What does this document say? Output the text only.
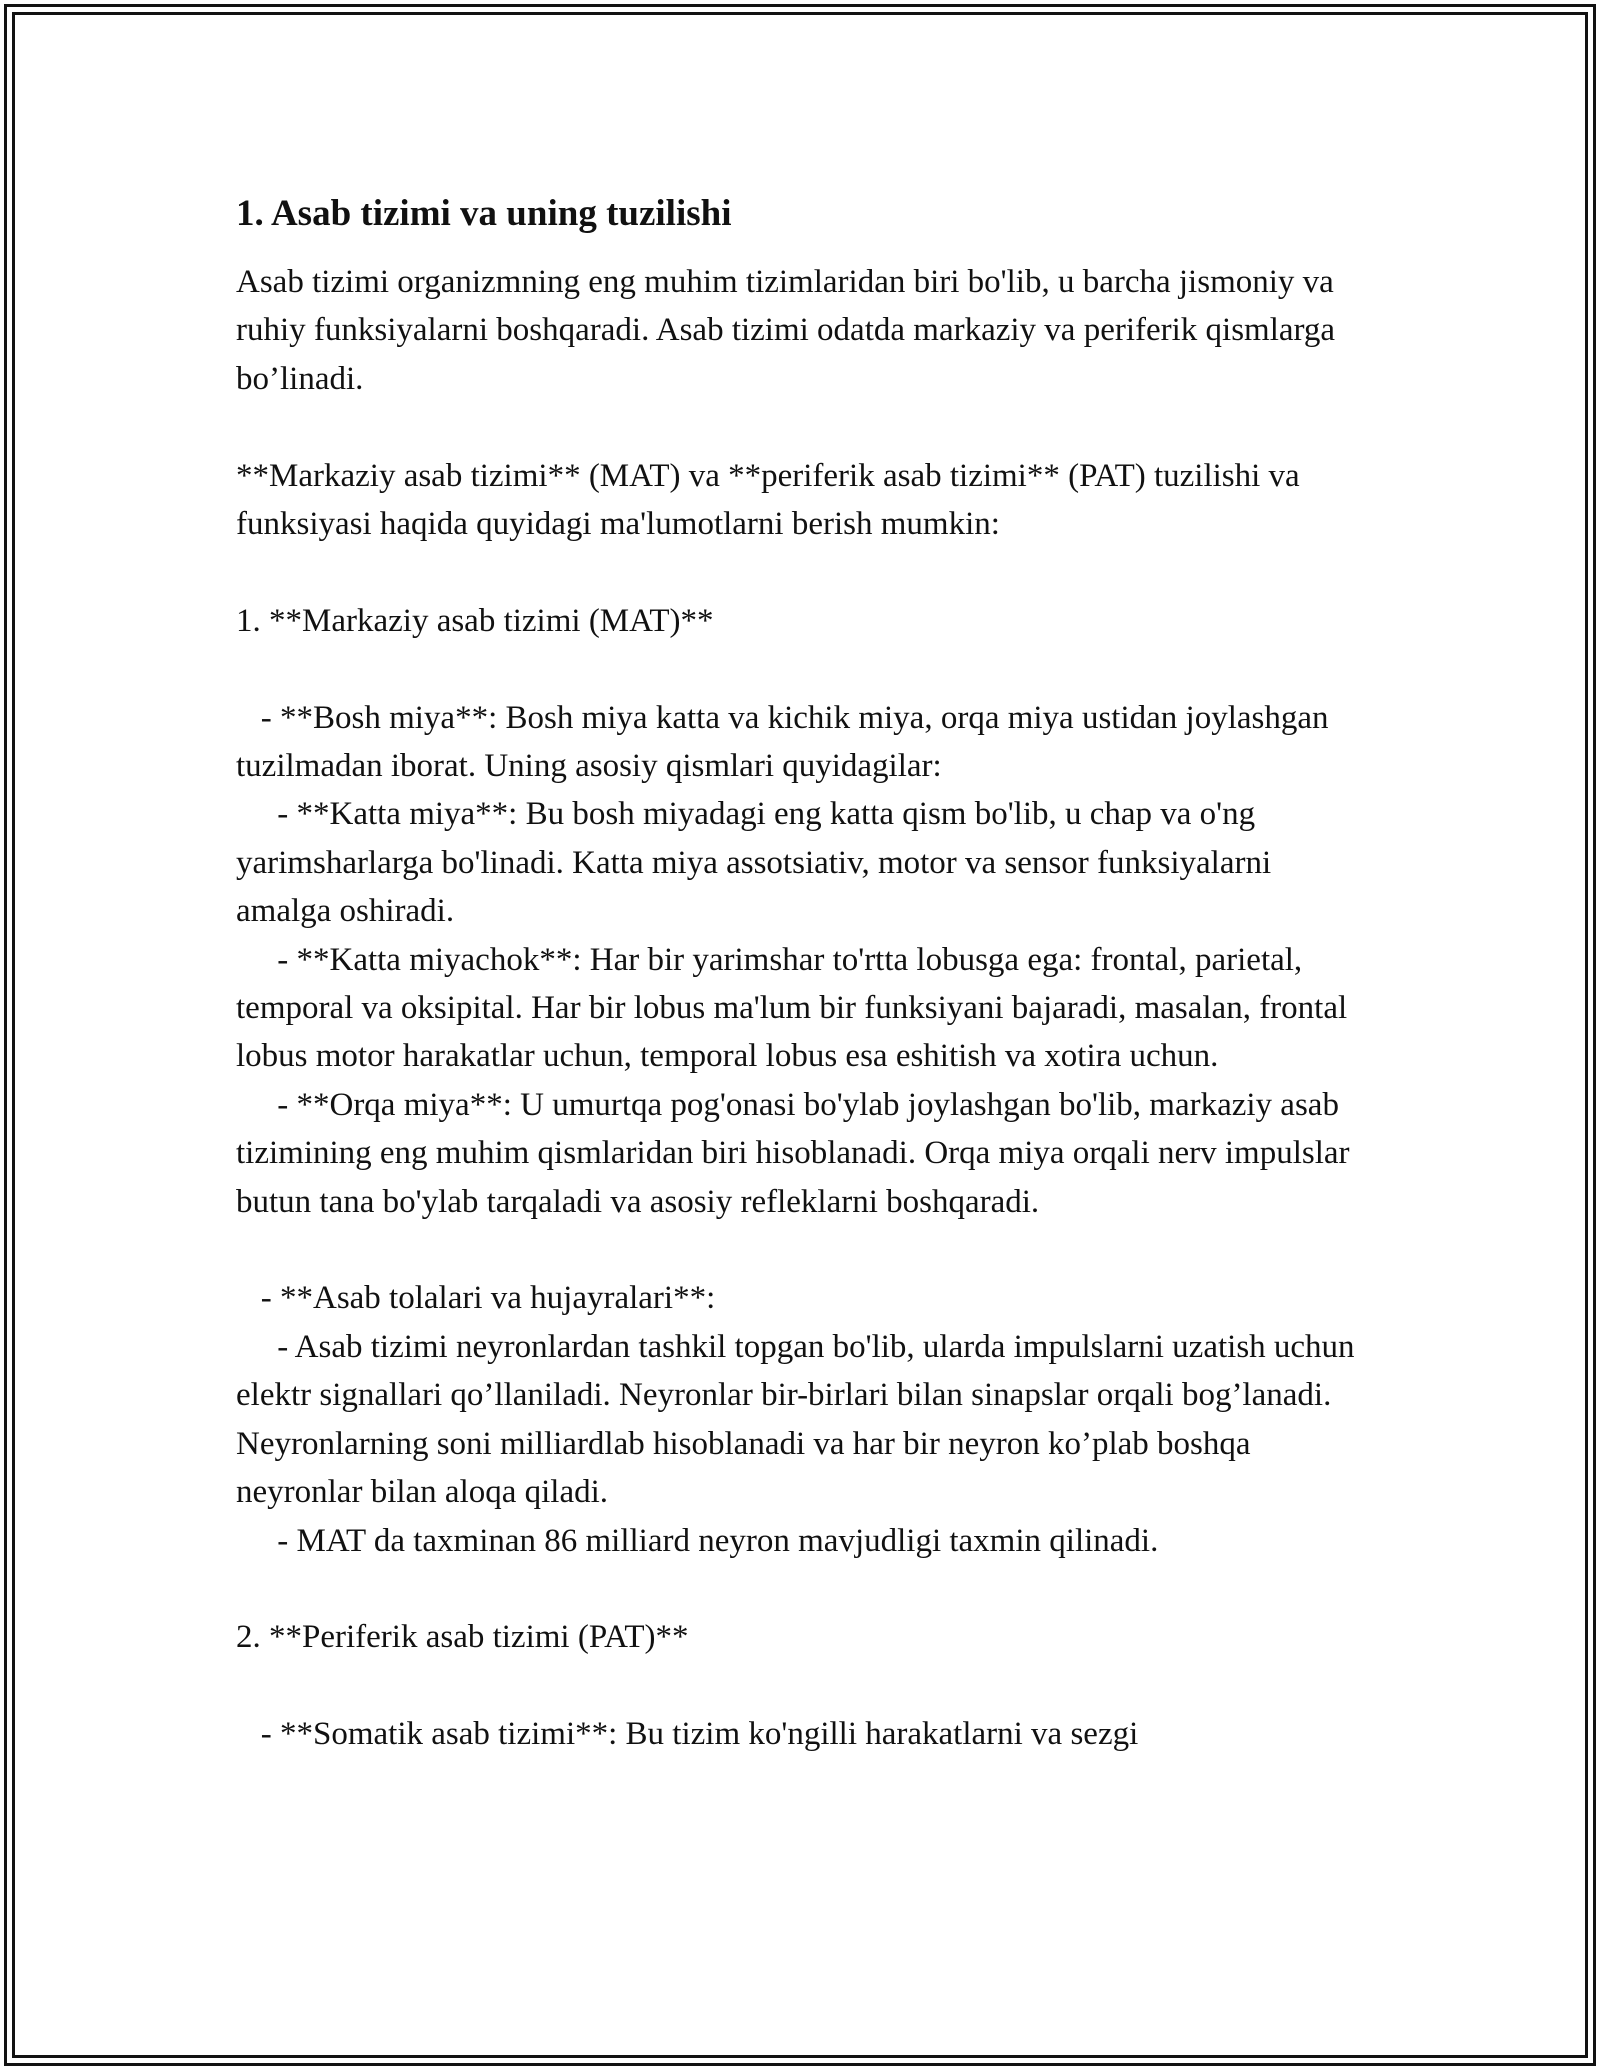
1. Asab tizimi va uning tuzilishi

Asab tizimi organizmning eng muhim tizimlaridan biri bo'lib, u barcha jismoniy va ruhiy funksiyalarni boshqaradi. Asab tizimi odatda markaziy va periferik qismlarga bo’linadi.

**Markaziy asab tizimi** (MAT) va **periferik asab tizimi** (PAT) tuzilishi va funksiyasi haqida quyidagi ma'lumotlarni berish mumkin:

1. **Markaziy asab tizimi (MAT)**

- **Bosh miya**: Bosh miya katta va kichik miya, orqa miya ustidan joylashgan tuzilmadan iborat. Uning asosiy qismlari quyidagilar:
- **Katta miya**: Bu bosh miyadagi eng katta qism bo'lib, u chap va o'ng yarimsharlarga bo'linadi. Katta miya assotsiativ, motor va sensor funksiyalarni amalga oshiradi.
- **Katta miyachok**: Har bir yarimshar to'rtta lobusga ega: frontal, parietal, temporal va oksipital. Har bir lobus ma'lum bir funksiyani bajaradi, masalan, frontal lobus motor harakatlar uchun, temporal lobus esa eshitish va xotira uchun.
- **Orqa miya**: U umurtqa pog'onasi bo'ylab joylashgan bo'lib, markaziy asab tizimining eng muhim qismlaridan biri hisoblanadi. Orqa miya orqali nerv impulslar butun tana bo'ylab tarqaladi va asosiy refleklarni boshqaradi.

- **Asab tolalari va hujayralari**:
- Asab tizimi neyronlardan tashkil topgan bo'lib, ularda impulslarni uzatish uchun elektr signallari qo’llaniladi. Neyronlar bir-birlari bilan sinapslar orqali bog’lanadi. Neyronlarning soni milliardlab hisoblanadi va har bir neyron ko’plab boshqa neyronlar bilan aloqa qiladi.
- MAT da taxminan 86 milliard neyron mavjudligi taxmin qilinadi.

2. **Periferik asab tizimi (PAT)**

- **Somatik asab tizimi**: Bu tizim ko'ngilli harakatlarni va sezgi
